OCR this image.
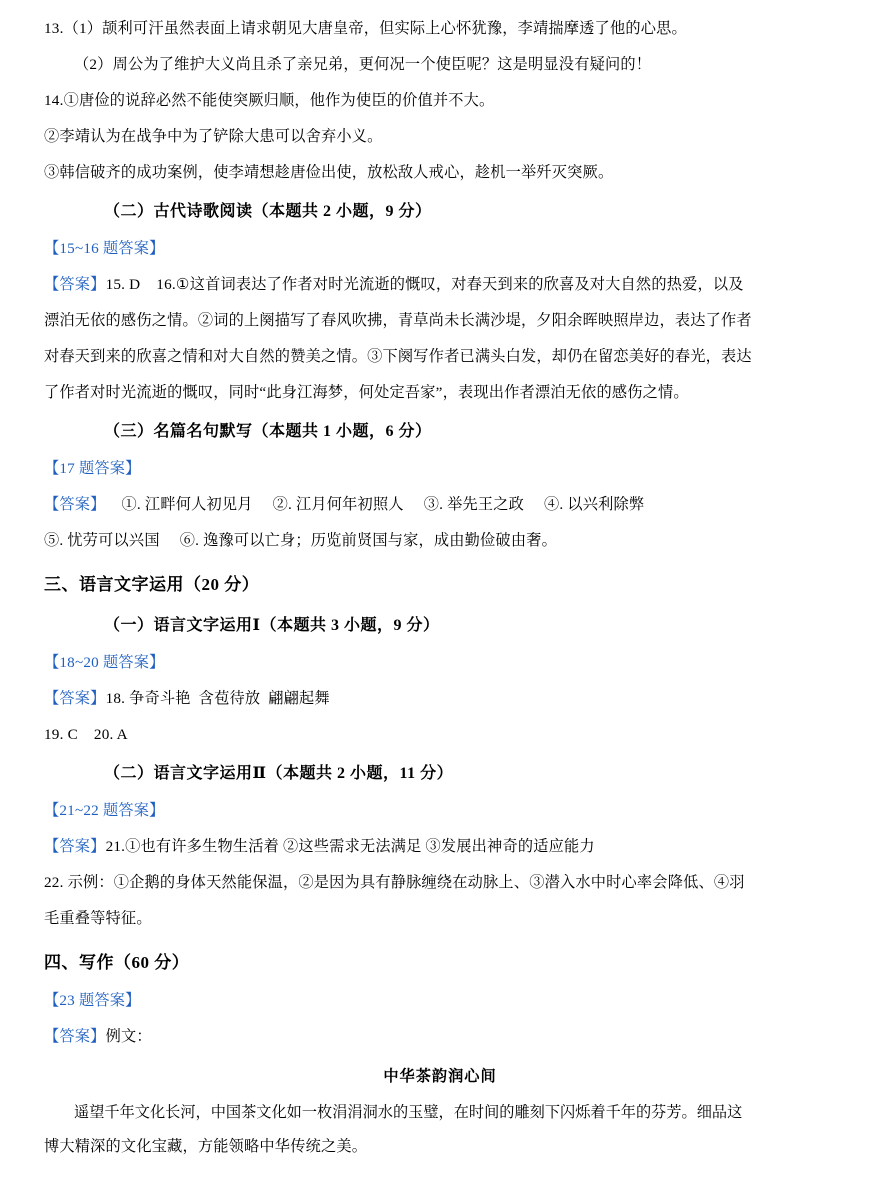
13.（1）颉利可汗虽然表面上请求朝见大唐皇帝，但实际上心怀犹豫，李靖揣摩透了他的心思。

（2）周公为了维护大义尚且杀了亲兄弟，更何况一个使臣呢？这是明显没有疑问的！

14.①唐俭的说辞必然不能使突厥归顺，他作为使臣的价值并不大。

②李靖认为在战争中为了铲除大患可以舍弃小义。

③韩信破齐的成功案例，使李靖想趁唐俭出使，放松敌人戒心，趁机一举歼灭突厥。

（二）古代诗歌阅读（本题共 2 小题，9 分）

【15~16 题答案】

【答案】15. D    16.①这首词表达了作者对时光流逝的慨叹，对春天到来的欣喜及对大自然的热爱，以及

漂泊无依的感伤之情。②词的上阕描写了春风吹拂，青草尚未长满沙堤，夕阳余晖映照岸边，表达了作者

对春天到来的欣喜之情和对大自然的赞美之情。③下阕写作者已满头白发，却仍在留恋美好的春光，表达

了作者对时光流逝的慨叹，同时“此身江海梦，何处定吾家”，表现出作者漂泊无依的感伤之情。

（三）名篇名句默写（本题共 1 小题，6 分）

【17 题答案】

【答案】    ①. 江畔何人初见月     ②. 江月何年初照人     ③. 举先王之政     ④. 以兴利除弊

⑤. 忧劳可以兴国     ⑥. 逸豫可以亡身；历览前贤国与家，成由勤俭破由奢。

三、语言文字运用（20 分）

（一）语言文字运用Ⅰ（本题共 3 小题，9 分）

【18~20 题答案】

【答案】18. 争奇斗艳  含苞待放  翩翩起舞

19. C    20. A

（二）语言文字运用Ⅱ（本题共 2 小题，11 分）

【21~22 题答案】

【答案】21.①也有许多生物生活着 ②这些需求无法满足 ③发展出神奇的适应能力

22. 示例：①企鹅的身体天然能保温，②是因为具有静脉缠绕在动脉上、③潜入水中时心率会降低、④羽

毛重叠等特征。

四、写作（60 分）

【23 题答案】

【答案】例文：

中华茶韵润心间

遥望千年文化长河，中国茶文化如一枚涓涓洞水的玉璧，在时间的雕刻下闪烁着千年的芬芳。细品这

博大精深的文化宝藏，方能领略中华传统之美。
